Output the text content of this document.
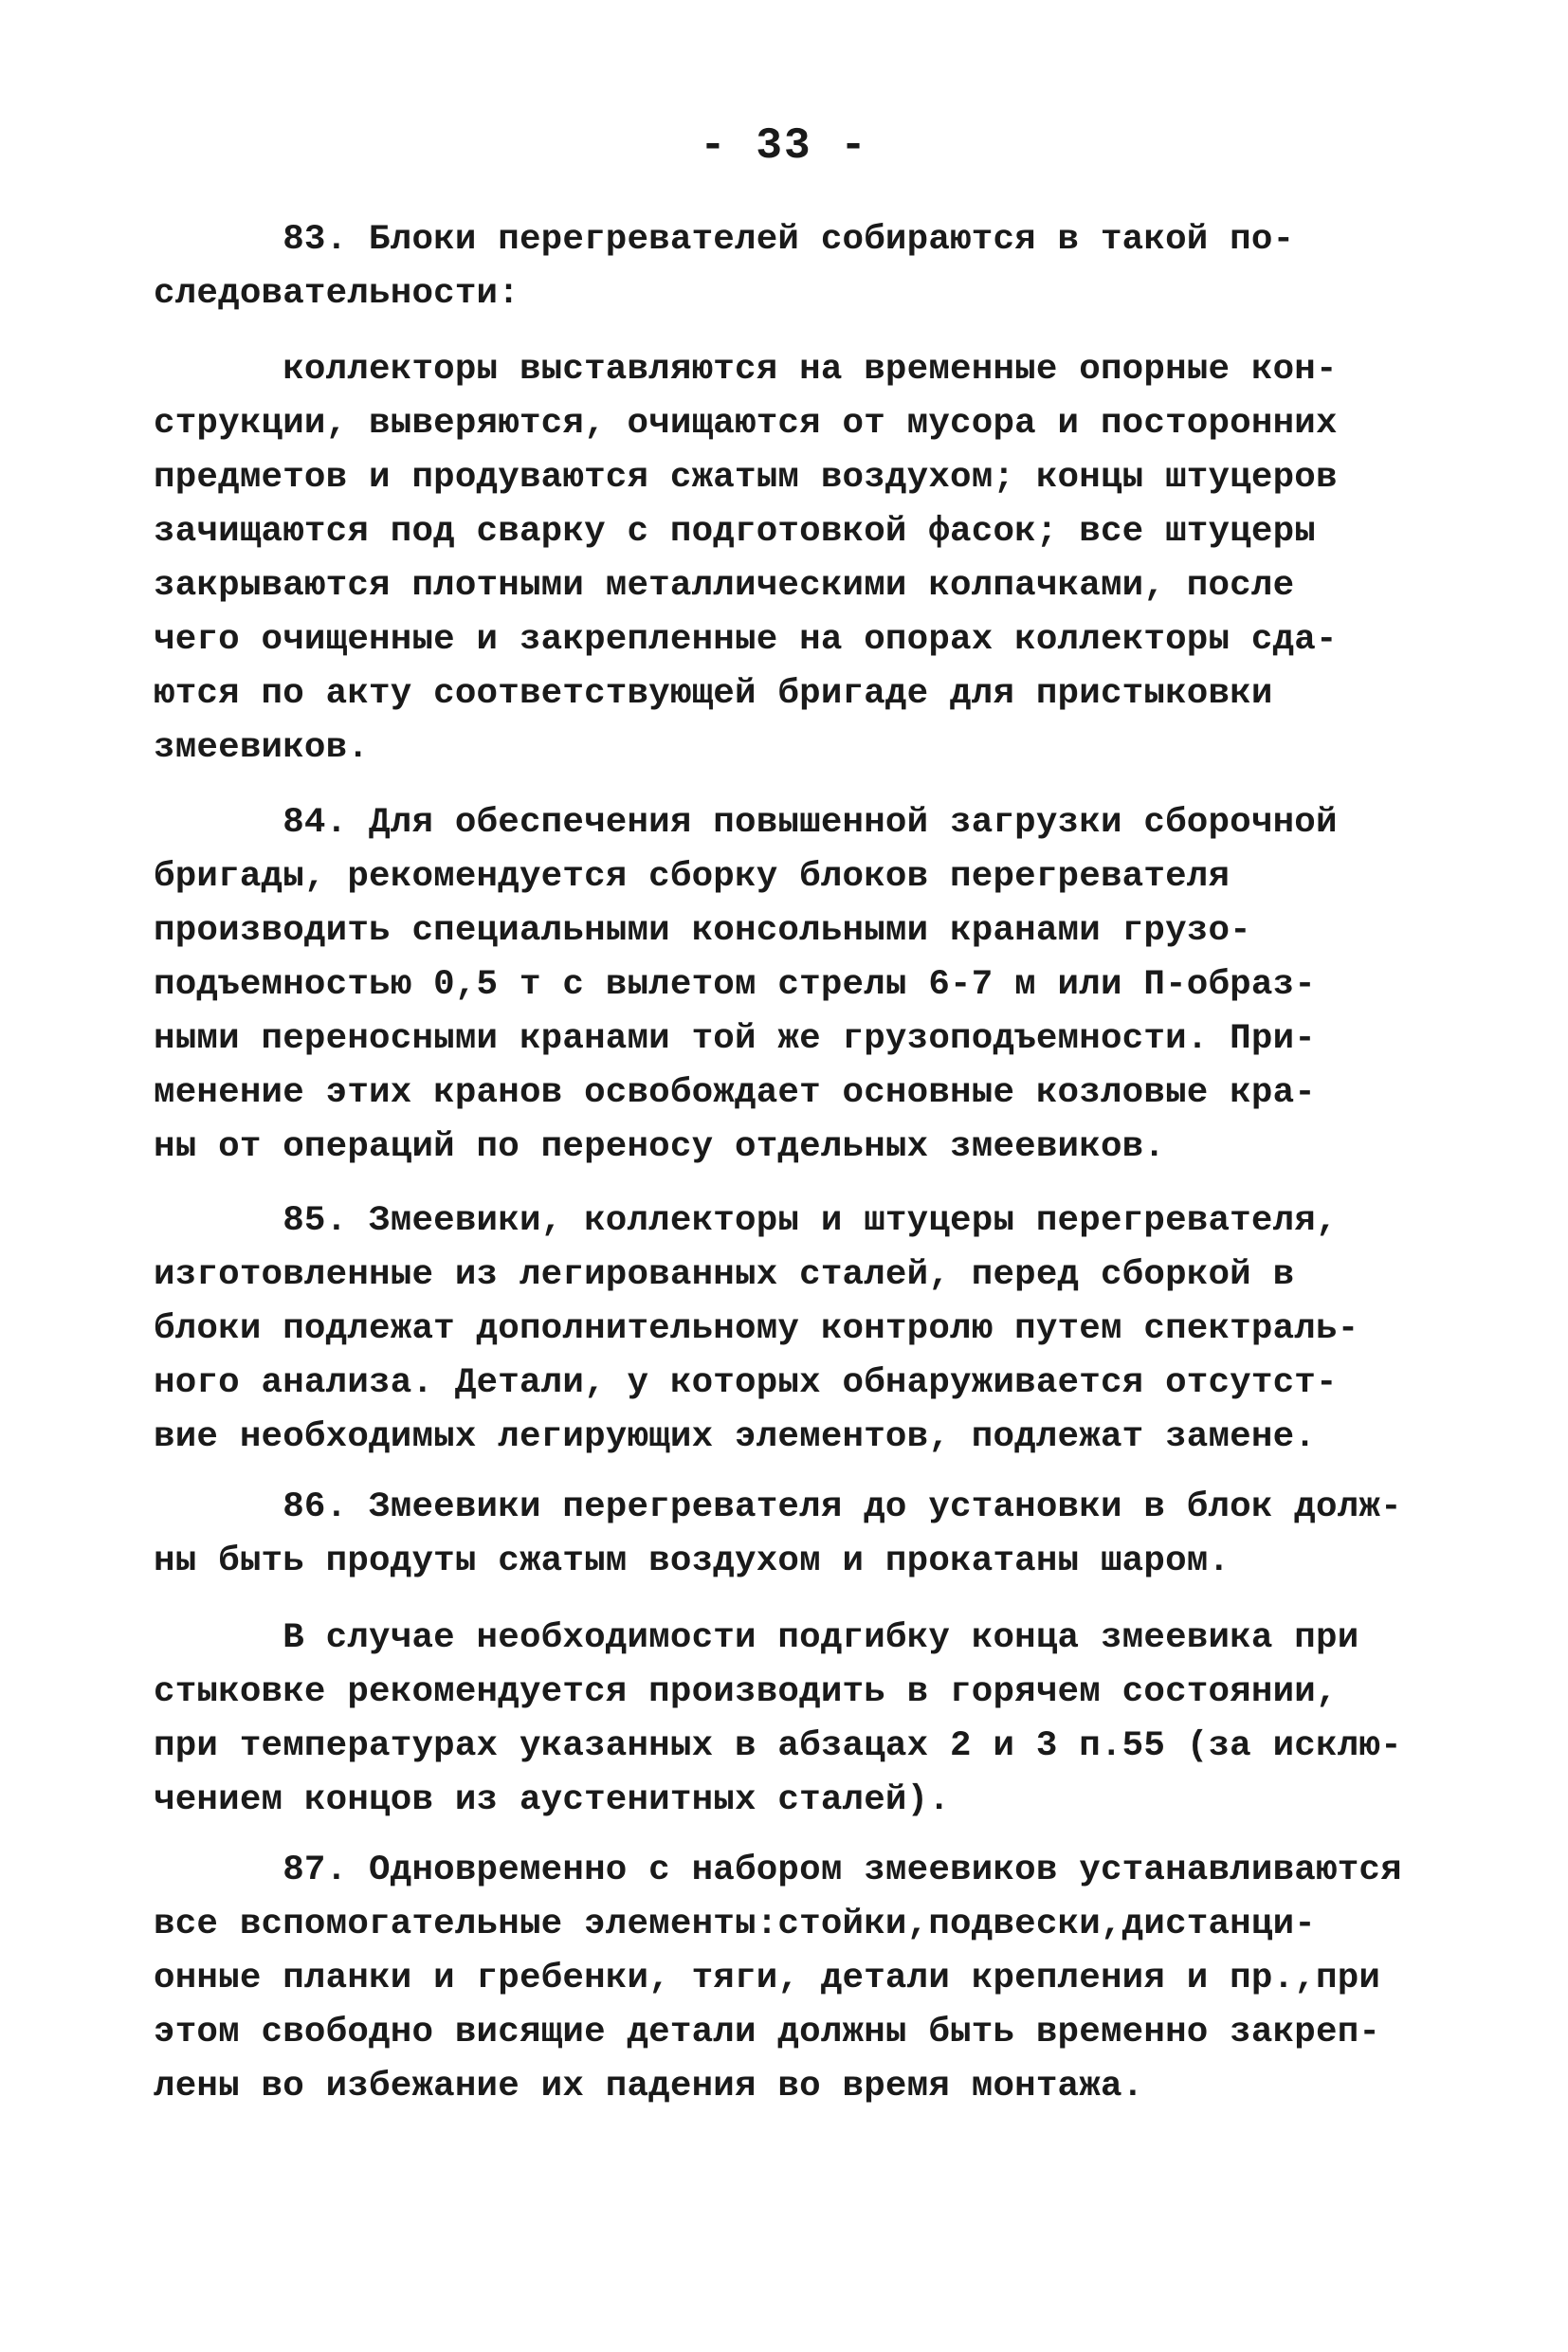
- 33 -
83. Блоки перегревателей собираются в такой по-
следовательности:
коллекторы выставляются на временные опорные кон-
струкции, выверяются, очищаются от мусора и посторонних
предметов и продуваются сжатым воздухом; концы штуцеров
зачищаются под сварку с подготовкой фасок; все штуцеры
закрываются плотными металлическими колпачками, после
чего очищенные и закрепленные на опорах коллекторы сда-
ются по акту соответствующей бригаде для пристыковки
змеевиков.
84. Для обеспечения повышенной загрузки сборочной
бригады, рекомендуется сборку блоков перегревателя
производить специальными консольными кранами грузо-
подъемностью 0,5 т с вылетом стрелы 6-7 м или П-образ-
ными переносными кранами той же грузоподъемности. При-
менение этих кранов освобождает основные козловые кра-
ны от операций по переносу отдельных змеевиков.
85. Змеевики, коллекторы и штуцеры перегревателя,
изготовленные из легированных сталей, перед сборкой в
блоки подлежат дополнительному контролю путем спектраль-
ного анализа. Детали, у которых обнаруживается отсутст-
вие необходимых легирующих элементов, подлежат замене.
86. Змеевики перегревателя до установки в блок долж-
ны быть продуты сжатым воздухом и прокатаны шаром.
В случае необходимости подгибку конца змеевика при
стыковке рекомендуется производить в горячем состоянии,
при температурах указанных в абзацах 2 и 3 п.55 (за исклю-
чением концов из аустенитных сталей).
87. Одновременно с набором змеевиков устанавливаются
все вспомогательные элементы:стойки,подвески,дистанци-
онные планки и гребенки, тяги, детали крепления и пр.,при
этом свободно висящие детали должны быть временно закреп-
лены во избежание их падения во время монтажа.
